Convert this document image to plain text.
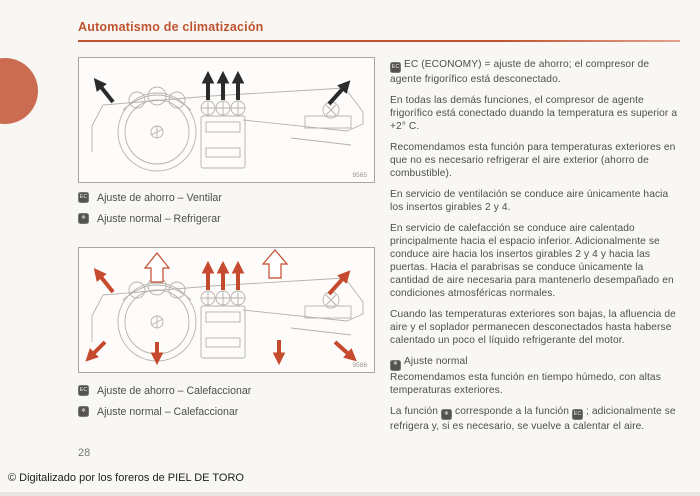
Automatismo de climatización
9565
EC Ajuste de ahorro – Ventilar
❄	Ajuste normal – Refrigerar
9586
EC Ajuste de ahorro – Calefaccionar
❄	Ajuste normal – Calefaccionar

EC EC (ECONOMY) = ajuste de ahorro; el compresor de agente frigorífico está desconectado.

En todas las demás funciones, el compresor de agente frigorífico está conectado duando la temperatura es superior a +2° C.

Recomendamos esta función para temperaturas exteriores en que no es necesario refrigerar el aire exterior (ahorro de combustible).

En servicio de ventilación se conduce aire únicamente hacia los insertos girables 2 y 4.

En servicio de calefacción se conduce aire calentado principalmente hacia el espacio inferior. Adicionalmente se conduce aire hacia los insertos girables 2 y 4 y hacia las puertas. Hacia el parabrisas se conduce únicamente la cantidad de aire necesaria para mantenerlo desempañado en condiciones atmosféricas normales.

Cuando las temperaturas exteriores son bajas, la afluencia de aire y el soplador permanecen desconectados hasta haberse calentado un poco el líquido refrigerante del motor.

❄ Ajuste normal

Recomendamos esta función en tiempo húmedo, con altas temperaturas exteriores.

La función ❄ corresponde a la función EC ; adicionalmente se refrigera y, si es necesario, se vuelve a calentar el aire.

28
© Digitalizado por los foreros de PIEL DE TORO
